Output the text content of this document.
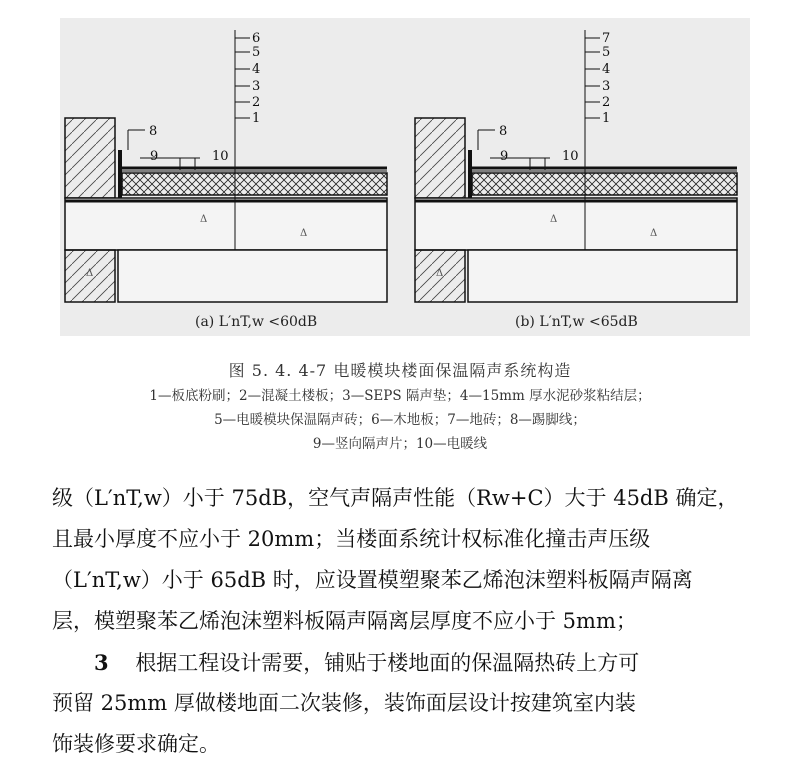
Δ
Δ
Δ
6
5
4
3
2
1
8
9	10
Δ
Δ
Δ
7
5
4
3
2
1
8
9	10
(a) L′nT,w <60dB	(b) L′nT,w <65dB
图 5. 4. 4-7 电暖模块楼面保温隔声系统构造
1—板底粉刷；2—混凝土楼板；3—SEPS 隔声垫；4—15mm 厚水泥砂浆粘结层；
5—电暖模块保温隔声砖；6—木地板；7—地砖；8—踢脚线；
9—竖向隔声片；10—电暖线
级（L′nT,w）小于 75dB，空气声隔声性能（Rw+C）大于 45dB 确定，
且最小厚度不应小于 20mm；当楼面系统计权标准化撞击声压级
（L′nT,w）小于 65dB 时，应设置模塑聚苯乙烯泡沫塑料板隔声隔离
层，模塑聚苯乙烯泡沫塑料板隔声隔离层厚度不应小于 5mm；
3 根据工程设计需要，铺贴于楼地面的保温隔热砖上方可
预留 25mm 厚做楼地面二次装修，装饰面层设计按建筑室内装
饰装修要求确定。
